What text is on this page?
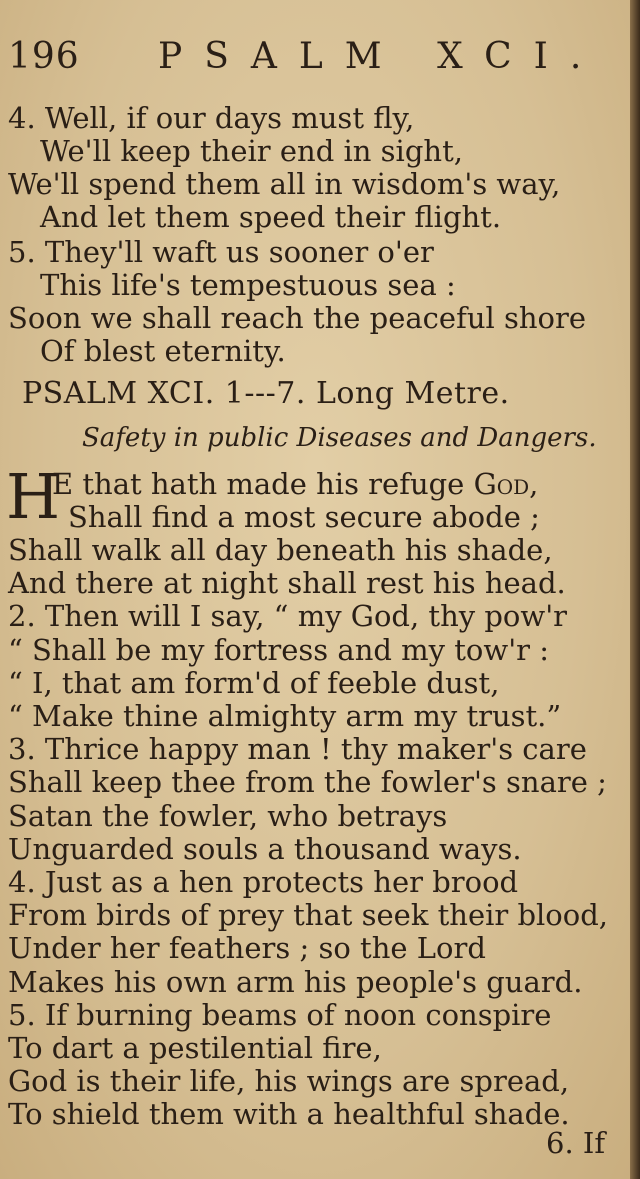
196 PSALM XCI.
4. Well, if our days must fly,
We'll keep their end in sight,
We'll spend them all in wisdom's way,
And let them speed their flight.
5. They'll waft us sooner o'er
This life's tempestuous sea :
Soon we shall reach the peaceful shore
Of blest eternity.
PSALM XCI. 1---7. Long Metre.
Safety in public Diseases and Dangers.
H
E that hath made his refuge God,
Shall find a most secure abode ;
Shall walk all day beneath his shade,
And there at night shall rest his head.
2. Then will I say, “ my God, thy pow'r
“ Shall be my fortress and my tow'r :
“ I, that am form'd of feeble dust,
“ Make thine almighty arm my trust.”
3. Thrice happy man ! thy maker's care
Shall keep thee from the fowler's snare ;
Satan the fowler, who betrays
Unguarded souls a thousand ways.
4. Just as a hen protects her brood
From birds of prey that seek their blood,
Under her feathers ; so the Lord
Makes his own arm his people's guard.
5. If burning beams of noon conspire
To dart a pestilential fire,
God is their life, his wings are spread,
To shield them with a healthful shade.
6. If
